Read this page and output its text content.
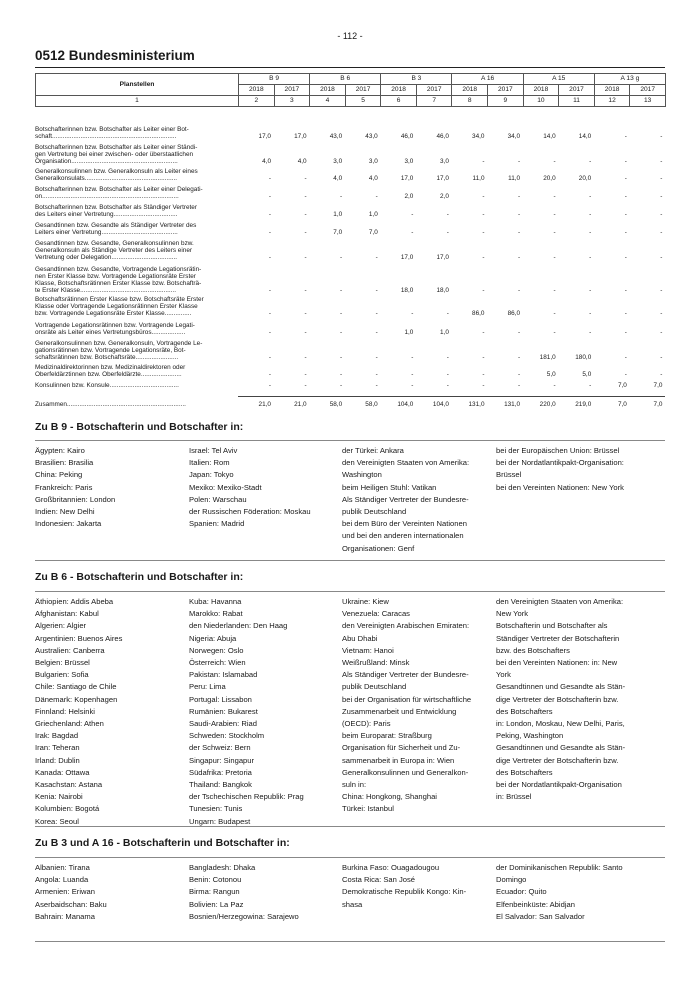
- 112 -
0512 Bundesministerium
Planstellen	B 9		B 6		B 3		A 16		A 15		A 13 g	
	2018	2017	2018	2017	2018	2017	2018	2017	2018	2017	2018	2017
1	2	3	4	5	6	7	8	9	10	11	12	13
Botschafterinnen bzw. Botschafter als Leiter einer Bot-
schaft......................................................................	17,0	17,0	43,0	43,0	46,0	46,0	34,0	34,0	14,0	14,0	-	-
Botschafterinnen bzw. Botschafter als Leiter einer Ständi-
gen Vertretung bei einer zwischen- oder überstaatlichen
Organisation............................................................	4,0	4,0	3,0	3,0	3,0	3,0	-	-	-	-	-	-
Generalkonsulinnen bzw. Generalkonsuln als Leiter eines
Generalkonsulats....................................................	-	-	4,0	4,0	17,0	17,0	11,0	11,0	20,0	20,0	-	-
Botschafterinnen bzw. Botschafter als Leiter einer Delegati-
on.............................................................................	-	-	-	-	2,0	2,0	-	-	-	-	-	-
Botschafterinnen bzw. Botschafter als Ständiger Vertreter
des Leiters einer Vertretung....................................	-	-	1,0	1,0	-	-	-	-	-	-	-	-
Gesandtinnen bzw. Gesandte als Ständiger Vertreter des
Leiters einer Vertretung...........................................	-	-	7,0	7,0	-	-	-	-	-	-	-	-
Gesandtinnen bzw. Gesandte, Generalkonsulinnen bzw.
Generalkonsuln als Ständige Vertreter des Leiters einer
Vertretung oder Delegation.....................................	-	-	-	-	17,0	17,0	-	-	-	-	-	-
Gesandtinnen bzw. Gesandte, Vortragende Legationsrätin-
nen Erster Klasse bzw. Vortragende Legationsräte Erster
Klasse, Botschaftsrätinnen Erster Klasse bzw. Botschafträ-
te Erster Klasse......................................................	-	-	-	-	18,0	18,0	-	-	-	-	-	-
Botschaftsrätinnen Erster Klasse bzw. Botschaftsräte Erster
Klasse oder Vortragende Legationsrätinnen Erster Klasse
bzw. Vortragende Legationsräte Erster Klasse...............	-	-	-	-	-	-	86,0	86,0	-	-	-	-
Vortragende Legationsrätinnen bzw. Vortragende Legati-
onsräte als Leiter eines Vertretungsbüros...................	-	-	-	-	1,0	1,0	-	-	-	-	-	-
Generalkonsulinnen bzw. Generalkonsuln, Vortragende Le-
gationsrätinnen bzw. Vortragende Legationsräte, Bot-
schaftsrätinnen bzw. Botschaftsräte........................	-	-	-	-	-	-	-	-	181,0	180,0	-	-
Medizinaldirektorinnen bzw. Medizinaldirektoren oder
Oberfeldärztinnen bzw. Oberfeldärzte.......................	-	-	-	-	-	-	-	-	5,0	5,0	-	-
Konsulinnen bzw. Konsule.......................................	-	-	-	-	-	-	-	-	-	-	7,0	7,0
Zusammen...................................................................	21,0	21,0	58,0	58,0	104,0	104,0	131,0	131,0	220,0	219,0	7,0	7,0
Zu B 9 - Botschafterin und Botschafter in:
Ägypten: Kairo
Brasilien: Brasilia
China: Peking
Frankreich: Paris
Großbritannien: London
Indien: New Delhi
Indonesien: Jakarta
Israel: Tel Aviv
Italien: Rom
Japan: Tokyo
Mexiko: Mexiko-Stadt
Polen: Warschau
der Russischen Föderation: Moskau
Spanien: Madrid
der Türkei: Ankara
den Vereinigten Staaten von Amerika:
Washington
beim Heiligen Stuhl: Vatikan
Als Ständiger Vertreter der Bundesre-
publik Deutschland
bei dem Büro der Vereinten Nationen
und bei den anderen internationalen
Organisationen: Genf
bei der Europäischen Union: Brüssel
bei der Nordatlantikpakt-Organisation:
Brüssel
bei den Vereinten Nationen: New York
Zu B 6 - Botschafterin und Botschafter in:
Äthiopien: Addis Abeba
Afghanistan: Kabul
Algerien: Algier
Argentinien: Buenos Aires
Australien: Canberra
Belgien: Brüssel
Bulgarien: Sofia
Chile: Santiago de Chile
Dänemark: Kopenhagen
Finnland: Helsinki
Griechenland: Athen
Irak: Bagdad
Iran: Teheran
Irland: Dublin
Kanada: Ottawa
Kasachstan: Astana
Kenia: Nairobi
Kolumbien: Bogotá
Korea: Seoul
Kuba: Havanna
Marokko: Rabat
den Niederlanden: Den Haag
Nigeria: Abuja
Norwegen: Oslo
Österreich: Wien
Pakistan: Islamabad
Peru: Lima
Portugal: Lissabon
Rumänien: Bukarest
Saudi-Arabien: Riad
Schweden: Stockholm
der Schweiz: Bern
Singapur: Singapur
Südafrika: Pretoria
Thailand: Bangkok
der Tschechischen Republik: Prag
Tunesien: Tunis
Ungarn: Budapest
Ukraine: Kiew
Venezuela: Caracas
den Vereinigten Arabischen Emiraten:
Abu Dhabi
Vietnam: Hanoi
Weißrußland: Minsk
Als Ständiger Vertreter der Bundesre-
publik Deutschland
bei der Organisation für wirtschaftliche
Zusammenarbeit und Entwicklung
(OECD): Paris
beim Europarat: Straßburg
Organisation für Sicherheit und Zu-
sammenarbeit in Europa in: Wien
Generalkonsulinnen und Generalkon-
suln in:
China: Hongkong, Shanghai
Türkei: Istanbul
den Vereinigten Staaten von Amerika:
New York
Botschafterin und Botschafter als
Ständiger Vertreter der Botschafterin
bzw. des Botschafters
bei den Vereinten Nationen: in: New
York
Gesandtinnen und Gesandte als Stän-
dige Vertreter der Botschafterin bzw.
des Botschafters
in: London, Moskau, New Delhi, Paris,
Peking, Washington
Gesandtinnen und Gesandte als Stän-
dige Vertreter der Botschafterin bzw.
des Botschafters
bei der Nordatlantikpakt-Organisation
in: Brüssel
Zu B 3 und A 16 - Botschafterin und Botschafter in:
Albanien: Tirana
Angola: Luanda
Armenien: Eriwan
Aserbaidschan: Baku
Bahrain: Manama
Bangladesh: Dhaka
Benin: Cotonou
Birma: Rangun
Bolivien: La Paz
Bosnien/Herzegowina: Sarajewo
Burkina Faso: Ouagadougou
Costa Rica: San José
Demokratische Republik Kongo: Kin-
shasa
der Dominikanischen Republik: Santo
Domingo
Ecuador: Quito
Elfenbeinküste: Abidjan
El Salvador: San Salvador
